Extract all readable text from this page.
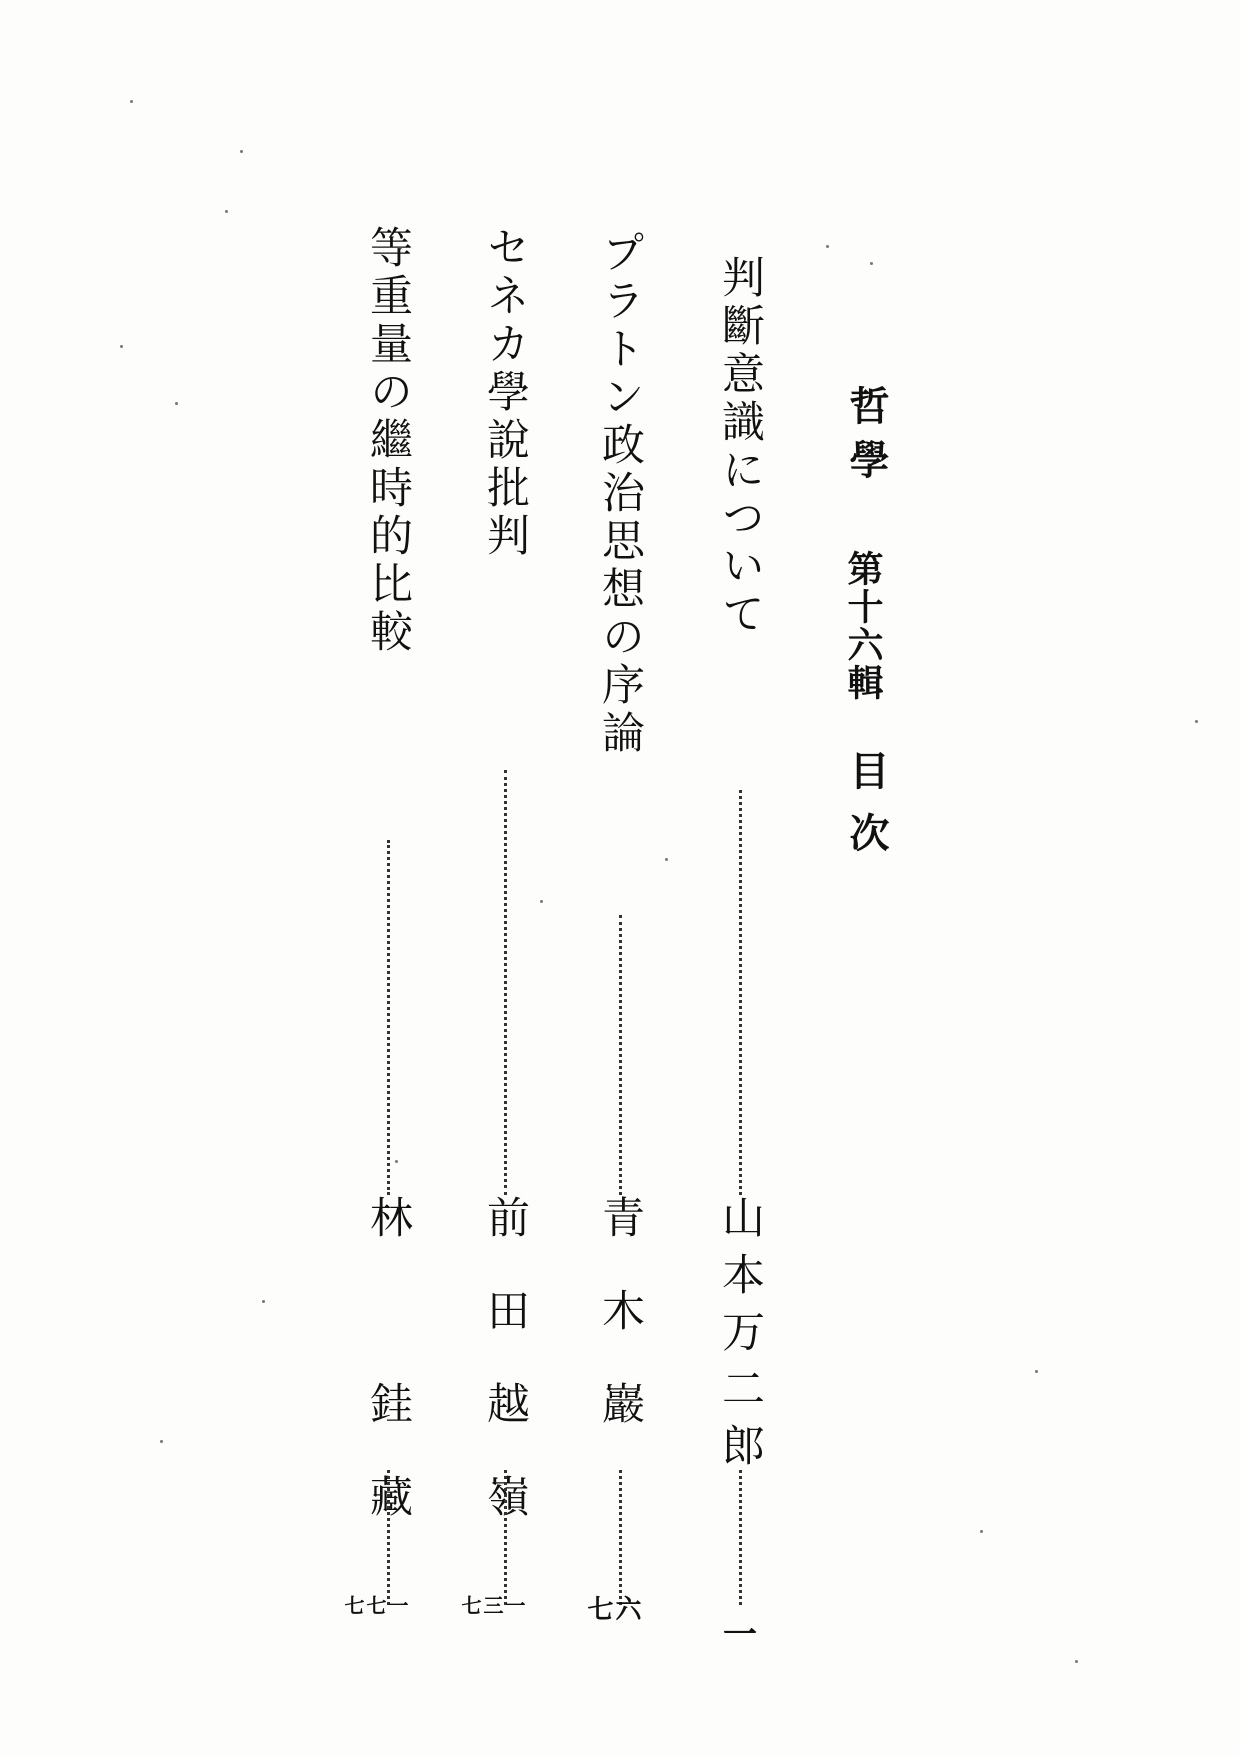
哲學
第十六輯
目次
判斷意識について
山本万二郎
一
プラトン政治思想の序論
青 木 巖
六七
セネカ學說批判
前 田 越 嶺
一三七
等重量の繼時的比較
林 　 銈 藏
一七七
